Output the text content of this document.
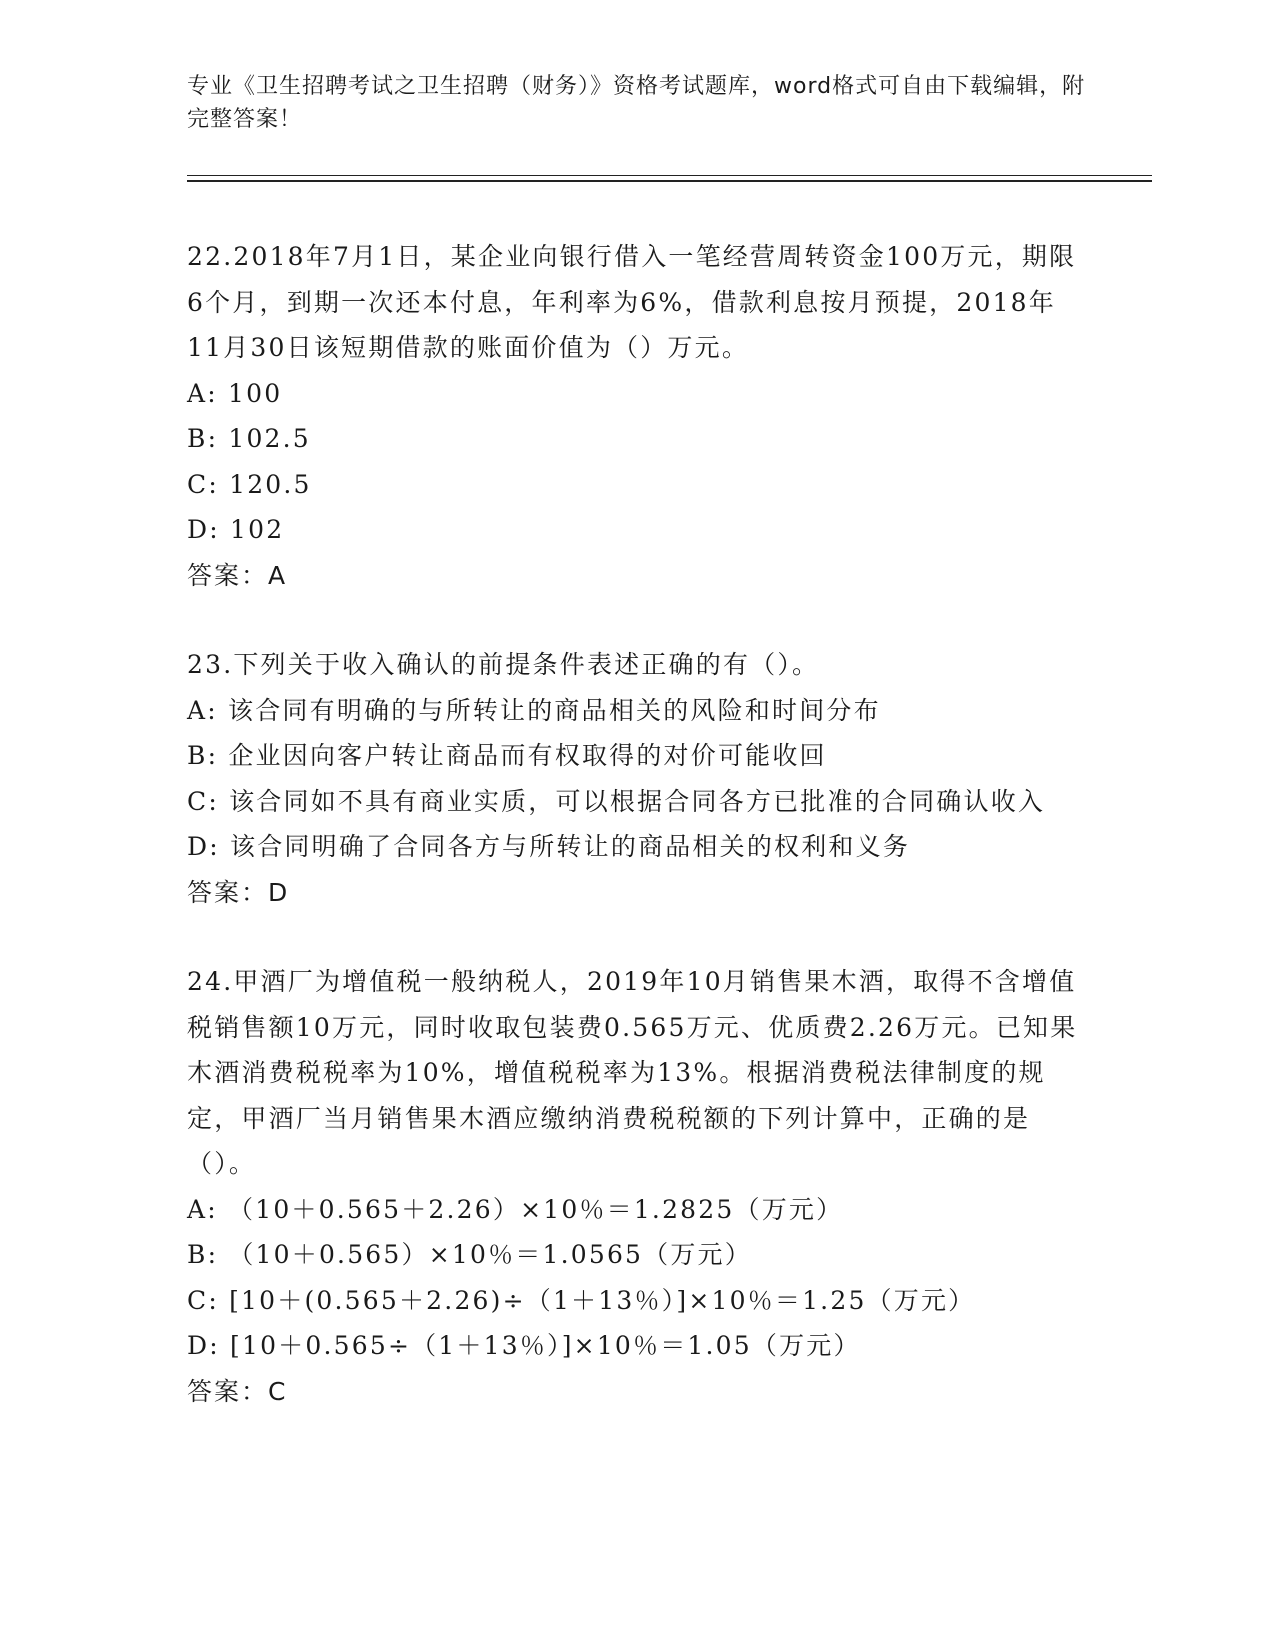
专业《卫生招聘考试之卫生招聘（财务）》资格考试题库，word格式可自由下载编辑，附完整答案！

22.2018年7月1日，某企业向银行借入一笔经营周转资金100万元，期限6个月，到期一次还本付息，年利率为6%，借款利息按月预提，2018年11月30日该短期借款的账面价值为（）万元。

A: 100

B: 102.5

C: 120.5

D: 102

答案：A

23.下列关于收入确认的前提条件表述正确的有（）。

A: 该合同有明确的与所转让的商品相关的风险和时间分布

B: 企业因向客户转让商品而有权取得的对价可能收回

C: 该合同如不具有商业实质，可以根据合同各方已批准的合同确认收入

D: 该合同明确了合同各方与所转让的商品相关的权利和义务

答案：D

24.甲酒厂为增值税一般纳税人，2019年10月销售果木酒，取得不含增值税销售额10万元，同时收取包装费0.565万元、优质费2.26万元。已知果木酒消费税税率为10%，增值税税率为13%。根据消费税法律制度的规定，甲酒厂当月销售果木酒应缴纳消费税税额的下列计算中，正确的是（）。

A: （10＋0.565＋2.26）×10％＝1.2825（万元）

B: （10＋0.565）×10％＝1.0565（万元）

C: [10＋(0.565＋2.26)÷（1＋13％）]×10％＝1.25（万元）

D: [10＋0.565÷（1＋13％）]×10％＝1.05（万元）

答案：C
